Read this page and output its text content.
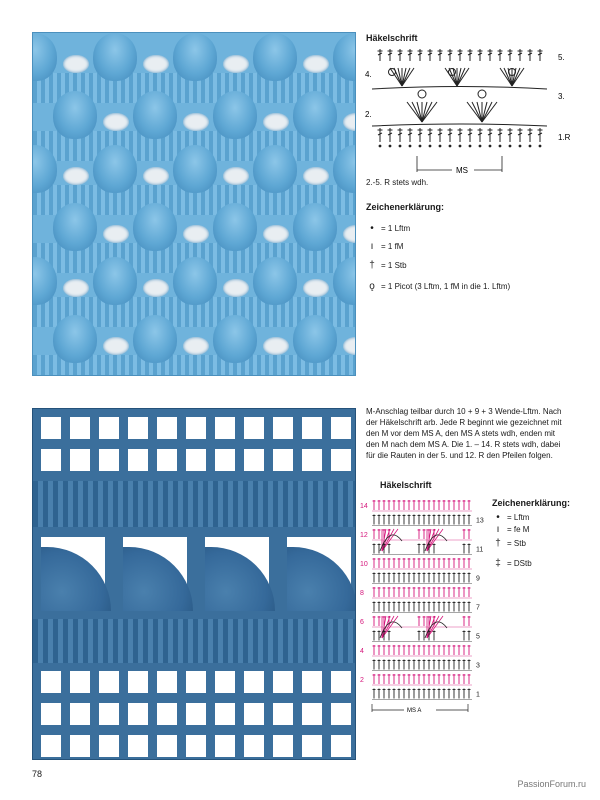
Häkelschrift
4.
2.
5.
3.
1.R
MS
2.-5. R stets wdh.
Zeichenerklärung:
• = 1 Lftm
ı = 1 fM
† = 1 Stb
ǫ = 1 Picot (3 Lftm, 1 fM in die 1. Lftm)
M-Anschlag teilbar durch 10 + 9 + 3 Wende-Lftm. Nach
der Häkelschrift arb. Jede R beginnt wie gezeichnet mit
den M vor dem MS A, den MS A stets wdh, enden mit
den M nach dem MS A. Die 1. – 14. R stets wdh, dabei
für die Rauten in der 5. und 12. R den Pfeilen folgen.
Häkelschrift
14
12
10
8
6
4
2
13
11
9
7
5
3
1
MS A
Zeichenerklärung:
• = Lftm
ı = fe M
† = Stb
‡ = DStb
78
PassionForum.ru
